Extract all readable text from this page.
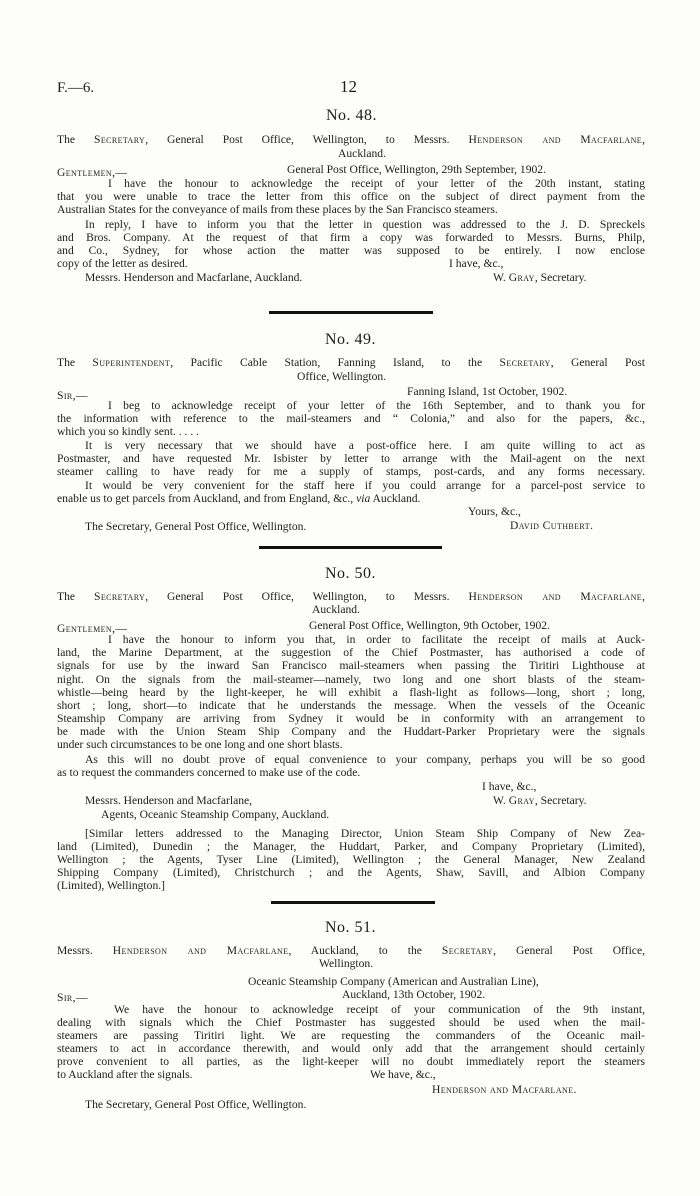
F.—6.	12
No. 48.
The Secretary, General Post Office, Wellington, to Messrs. Henderson and Macfarlane,
Auckland.
Gentlemen,—	General Post Office, Wellington, 29th September, 1902.
I have the honour to acknowledge the receipt of your letter of the 20th instant, stating
that you were unable to trace the letter from this office on the subject of direct payment from the
Australian States for the conveyance of mails from these places by the San Francisco steamers.
In reply, I have to inform you that the letter in question was addressed to the J. D. Spreckels
and Bros. Company. At the request of that firm a copy was forwarded to Messrs. Burns, Philp,
and Co., Sydney, for whose action the matter was supposed to be entirely. I now enclose
copy of the letter as desired.	I have, &c.,
Messrs. Henderson and Macfarlane, Auckland.	W. Gray, Secretary.
No. 49.
The Superintendent, Pacific Cable Station, Fanning Island, to the Secretary, General Post
Office, Wellington.
Sir,—	Fanning Island, 1st October, 1902.
I beg to acknowledge receipt of your letter of the 16th September, and to thank you for
the information with reference to the mail-steamers and “ Colonia,” and also for the papers, &c.,
which you so kindly sent. . . . .
It is very necessary that we should have a post-office here. I am quite willing to act as
Postmaster, and have requested Mr. Isbister by letter to arrange with the Mail-agent on the next
steamer calling to have ready for me a supply of stamps, post-cards, and any forms necessary.
It would be very convenient for the staff here if you could arrange for a parcel-post service to
enable us to get parcels from Auckland, and from England, &c., via Auckland.
Yours, &c.,
The Secretary, General Post Office, Wellington.	David Cuthbert.
No. 50.
The Secretary, General Post Office, Wellington, to Messrs. Henderson and Macfarlane,
Auckland.
Gentlemen,—	General Post Office, Wellington, 9th October, 1902.
I have the honour to inform you that, in order to facilitate the receipt of mails at Auck-
land, the Marine Department, at the suggestion of the Chief Postmaster, has authorised a code of
signals for use by the inward San Francisco mail-steamers when passing the Tiritiri Lighthouse at
night. On the signals from the mail-steamer—namely, two long and one short blasts of the steam-
whistle—being heard by the light-keeper, he will exhibit a flash-light as follows—long, short ; long,
short ; long, short—to indicate that he understands the message. When the vessels of the Oceanic
Steamship Company are arriving from Sydney it would be in conformity with an arrangement to
be made with the Union Steam Ship Company and the Huddart-Parker Proprietary were the signals
under such circumstances to be one long and one short blasts.
As this will no doubt prove of equal convenience to your company, perhaps you will be so good
as to request the commanders concerned to make use of the code.
I have, &c.,
Messrs. Henderson and Macfarlane,	W. Gray, Secretary.
Agents, Oceanic Steamship Company, Auckland.
[Similar letters addressed to the Managing Director, Union Steam Ship Company of New Zea-
land (Limited), Dunedin ; the Manager, the Huddart, Parker, and Company Proprietary (Limited),
Wellington ; the Agents, Tyser Line (Limited), Wellington ; the General Manager, New Zealand
Shipping Company (Limited), Christchurch ; and the Agents, Shaw, Savill, and Albion Company
(Limited), Wellington.]
No. 51.
Messrs. Henderson and Macfarlane, Auckland, to the Secretary, General Post Office,
Wellington.
Oceanic Steamship Company (American and Australian Line),
Auckland, 13th October, 1902.
Sir,—
We have the honour to acknowledge receipt of your communication of the 9th instant,
dealing with signals which the Chief Postmaster has suggested should be used when the mail-
steamers are passing Tiritiri light. We are requesting the commanders of the Oceanic mail-
steamers to act in accordance therewith, and would only add that the arrangement should certainly
prove convenient to all parties, as the light-keeper will no doubt immediately report the steamers
to Auckland after the signals.	We have, &c.,
Henderson and Macfarlane.
The Secretary, General Post Office, Wellington.
